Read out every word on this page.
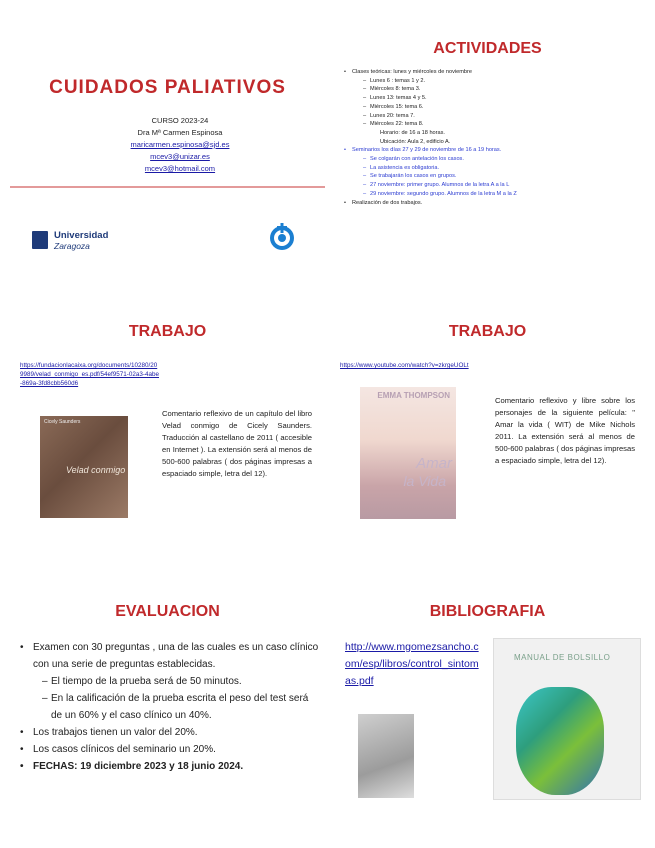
CUIDADOS PALIATIVOS
CURSO 2023-24
Dra Mª Carmen Espinosa
maricarmen.espinosa@sjd.es
mcev3@unizar.es
mcev3@hotmail.com
Universidad
Zaragoza
ACTIVIDADES
• Clases teóricas: lunes y miércoles de noviembre
– Lunes 6 : temas 1 y 2.
– Miércoles 8: tema 3.
– Lunes 13: temas 4 y 5.
– Miércoles 15: tema 6.
– Lunes 20: tema 7.
– Miércoles 22: tema 8.
Horario: de 16 a 18 horas.
Ubicación: Aula 2, edificio A.
• Seminarios los días 27 y 29 de noviembre de 16 a 19 horas.
– Se colgarán con antelación los casos.
– La asistencia es obligatoria.
– Se trabajarán los casos en grupos.
– 27 noviembre: primer grupo. Alumnos de la letra A a la L
– 29 noviembre: segundo grupo. Alumnos de la letra M a la Z
• Realización de dos trabajos.
TRABAJO
https://fundacionlacaixa.org/documents/10280/209989/velad_conmigo_es.pdf/54ef9571-02a3-4abe-869a-3fd8cbb560d6
Cicely Saunders
Velad conmigo
Comentario reflexivo de un capítulo del libro Velad conmigo de Cicely Saunders. Traducción al castellano de 2011 ( accesible en Internet ). La extensión será al menos de 500-600 palabras ( dos páginas impresas a espaciado simple, letra del 12).
TRABAJO
https://www.youtube.com/watch?v=zkrgeUOLt
EMMA THOMPSON
Amar
la Vida
Comentario reflexivo y libre sobre los personajes de la siguiente película: " Amar la vida ( WIT) de Mike Nichols 2011. La extensión será al menos de 500-600 palabras ( dos páginas impresas a espaciado simple, letra del 12).
EVALUACION
• Examen con 30 preguntas , una de las cuales es un caso clínico con una serie de preguntas establecidas.
– El tiempo de la prueba será de 50 minutos.
– En la calificación de la prueba escrita el peso del test será de un 60% y el caso clínico un 40%.
• Los trabajos tienen un valor del 20%.
• Los casos clínicos del seminario un 20%.
• FECHAS: 19 diciembre 2023 y 18 junio 2024.
BIBLIOGRAFIA
http://www.mgomezsancho.com/esp/libros/control_sintomas.pdf
MANUAL DE BOLSILLO
